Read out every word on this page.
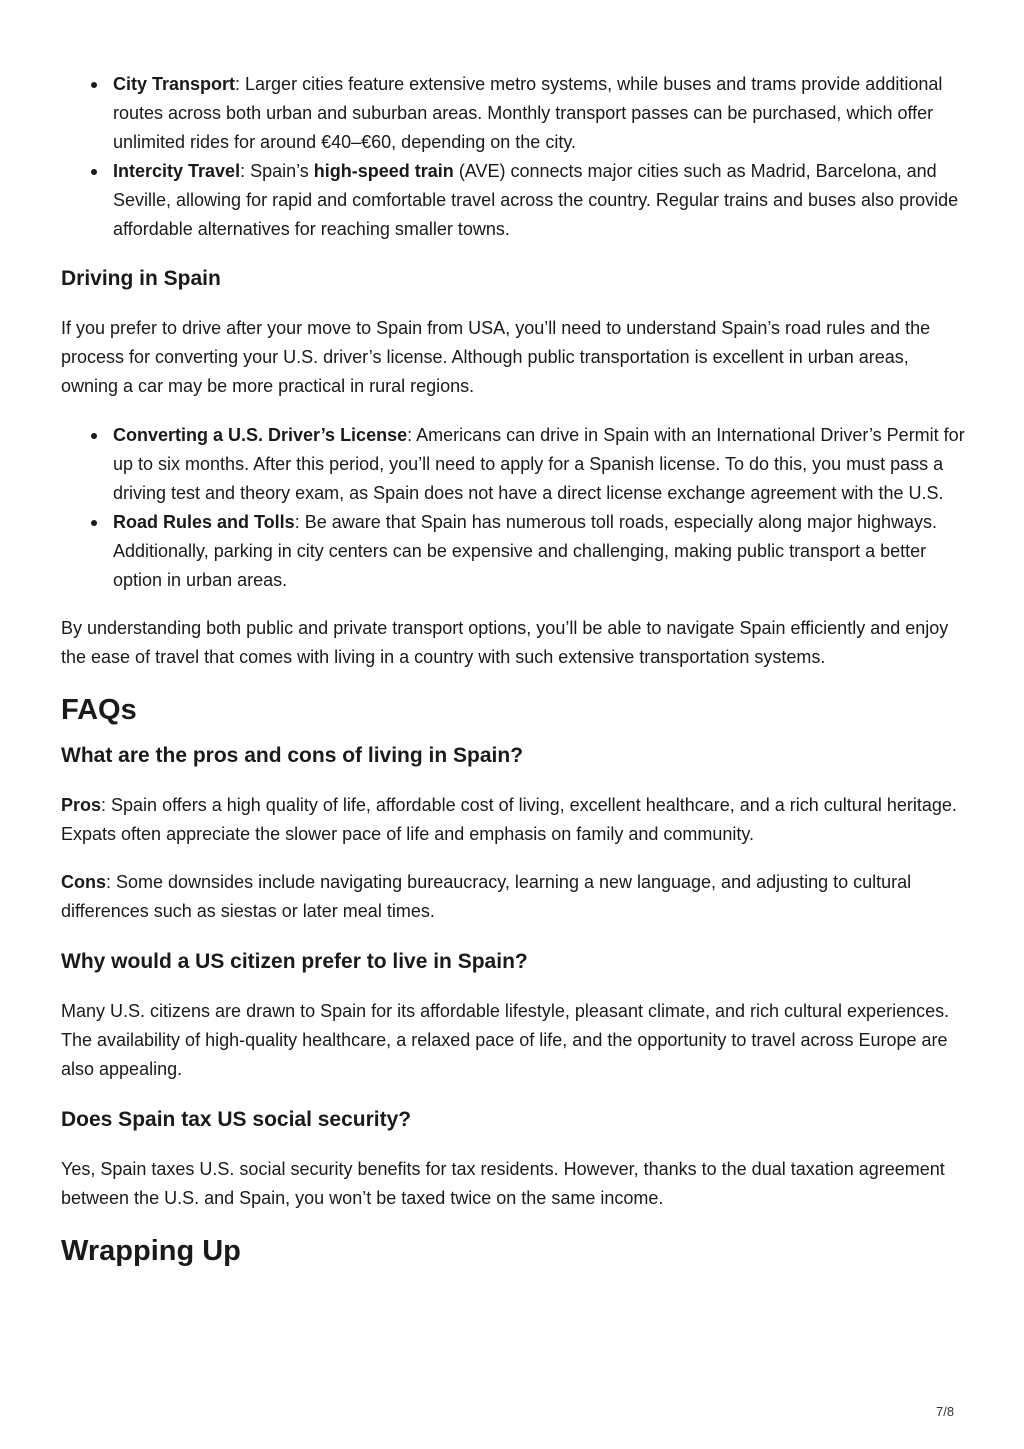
City Transport: Larger cities feature extensive metro systems, while buses and trams provide additional routes across both urban and suburban areas. Monthly transport passes can be purchased, which offer unlimited rides for around €40–€60, depending on the city.
Intercity Travel: Spain’s high-speed train (AVE) connects major cities such as Madrid, Barcelona, and Seville, allowing for rapid and comfortable travel across the country. Regular trains and buses also provide affordable alternatives for reaching smaller towns.
Driving in Spain

If you prefer to drive after your move to Spain from USA, you’ll need to understand Spain’s road rules and the process for converting your U.S. driver’s license. Although public transportation is excellent in urban areas, owning a car may be more practical in rural regions.

Converting a U.S. Driver’s License: Americans can drive in Spain with an International Driver’s Permit for up to six months. After this period, you’ll need to apply for a Spanish license. To do this, you must pass a driving test and theory exam, as Spain does not have a direct license exchange agreement with the U.S.
Road Rules and Tolls: Be aware that Spain has numerous toll roads, especially along major highways. Additionally, parking in city centers can be expensive and challenging, making public transport a better option in urban areas.

By understanding both public and private transport options, you’ll be able to navigate Spain efficiently and enjoy the ease of travel that comes with living in a country with such extensive transportation systems.

FAQs
What are the pros and cons of living in Spain?

Pros: Spain offers a high quality of life, affordable cost of living, excellent healthcare, and a rich cultural heritage. Expats often appreciate the slower pace of life and emphasis on family and community.

Cons: Some downsides include navigating bureaucracy, learning a new language, and adjusting to cultural differences such as siestas or later meal times.

Why would a US citizen prefer to live in Spain?

Many U.S. citizens are drawn to Spain for its affordable lifestyle, pleasant climate, and rich cultural experiences. The availability of high-quality healthcare, a relaxed pace of life, and the opportunity to travel across Europe are also appealing.

Does Spain tax US social security?

Yes, Spain taxes U.S. social security benefits for tax residents. However, thanks to the dual taxation agreement between the U.S. and Spain, you won’t be taxed twice on the same income.

Wrapping Up
7/8
